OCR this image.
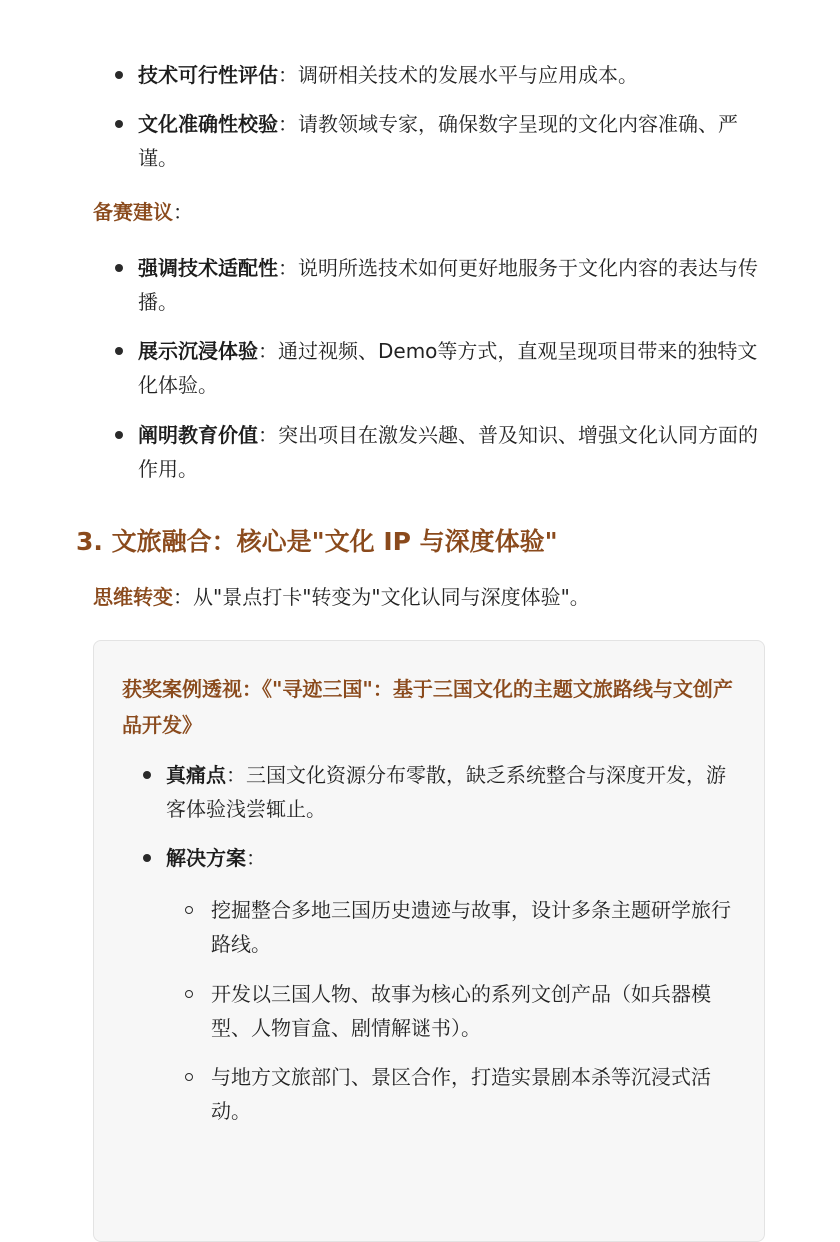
技术可行性评估：调研相关技术的发展水平与应用成本。
文化准确性校验：请教领域专家，确保数字呈现的文化内容准确、严谨。
备赛建议：
强调技术适配性：说明所选技术如何更好地服务于文化内容的表达与传播。
展示沉浸体验：通过视频、Demo等方式，直观呈现项目带来的独特文化体验。
阐明教育价值：突出项目在激发兴趣、普及知识、增强文化认同方面的作用。
3. 文旅融合：核心是"文化 IP 与深度体验"
思维转变：从"景点打卡"转变为"文化认同与深度体验"。
获奖案例透视：《"寻迹三国"：基于三国文化的主题文旅路线与文创产品开发》
真痛点：三国文化资源分布零散，缺乏系统整合与深度开发，游客体验浅尝辄止。
解决方案：
挖掘整合多地三国历史遗迹与故事，设计多条主题研学旅行路线。
开发以三国人物、故事为核心的系列文创产品（如兵器模型、人物盲盒、剧情解谜书）。
与地方文旅部门、景区合作，打造实景剧本杀等沉浸式活动。
